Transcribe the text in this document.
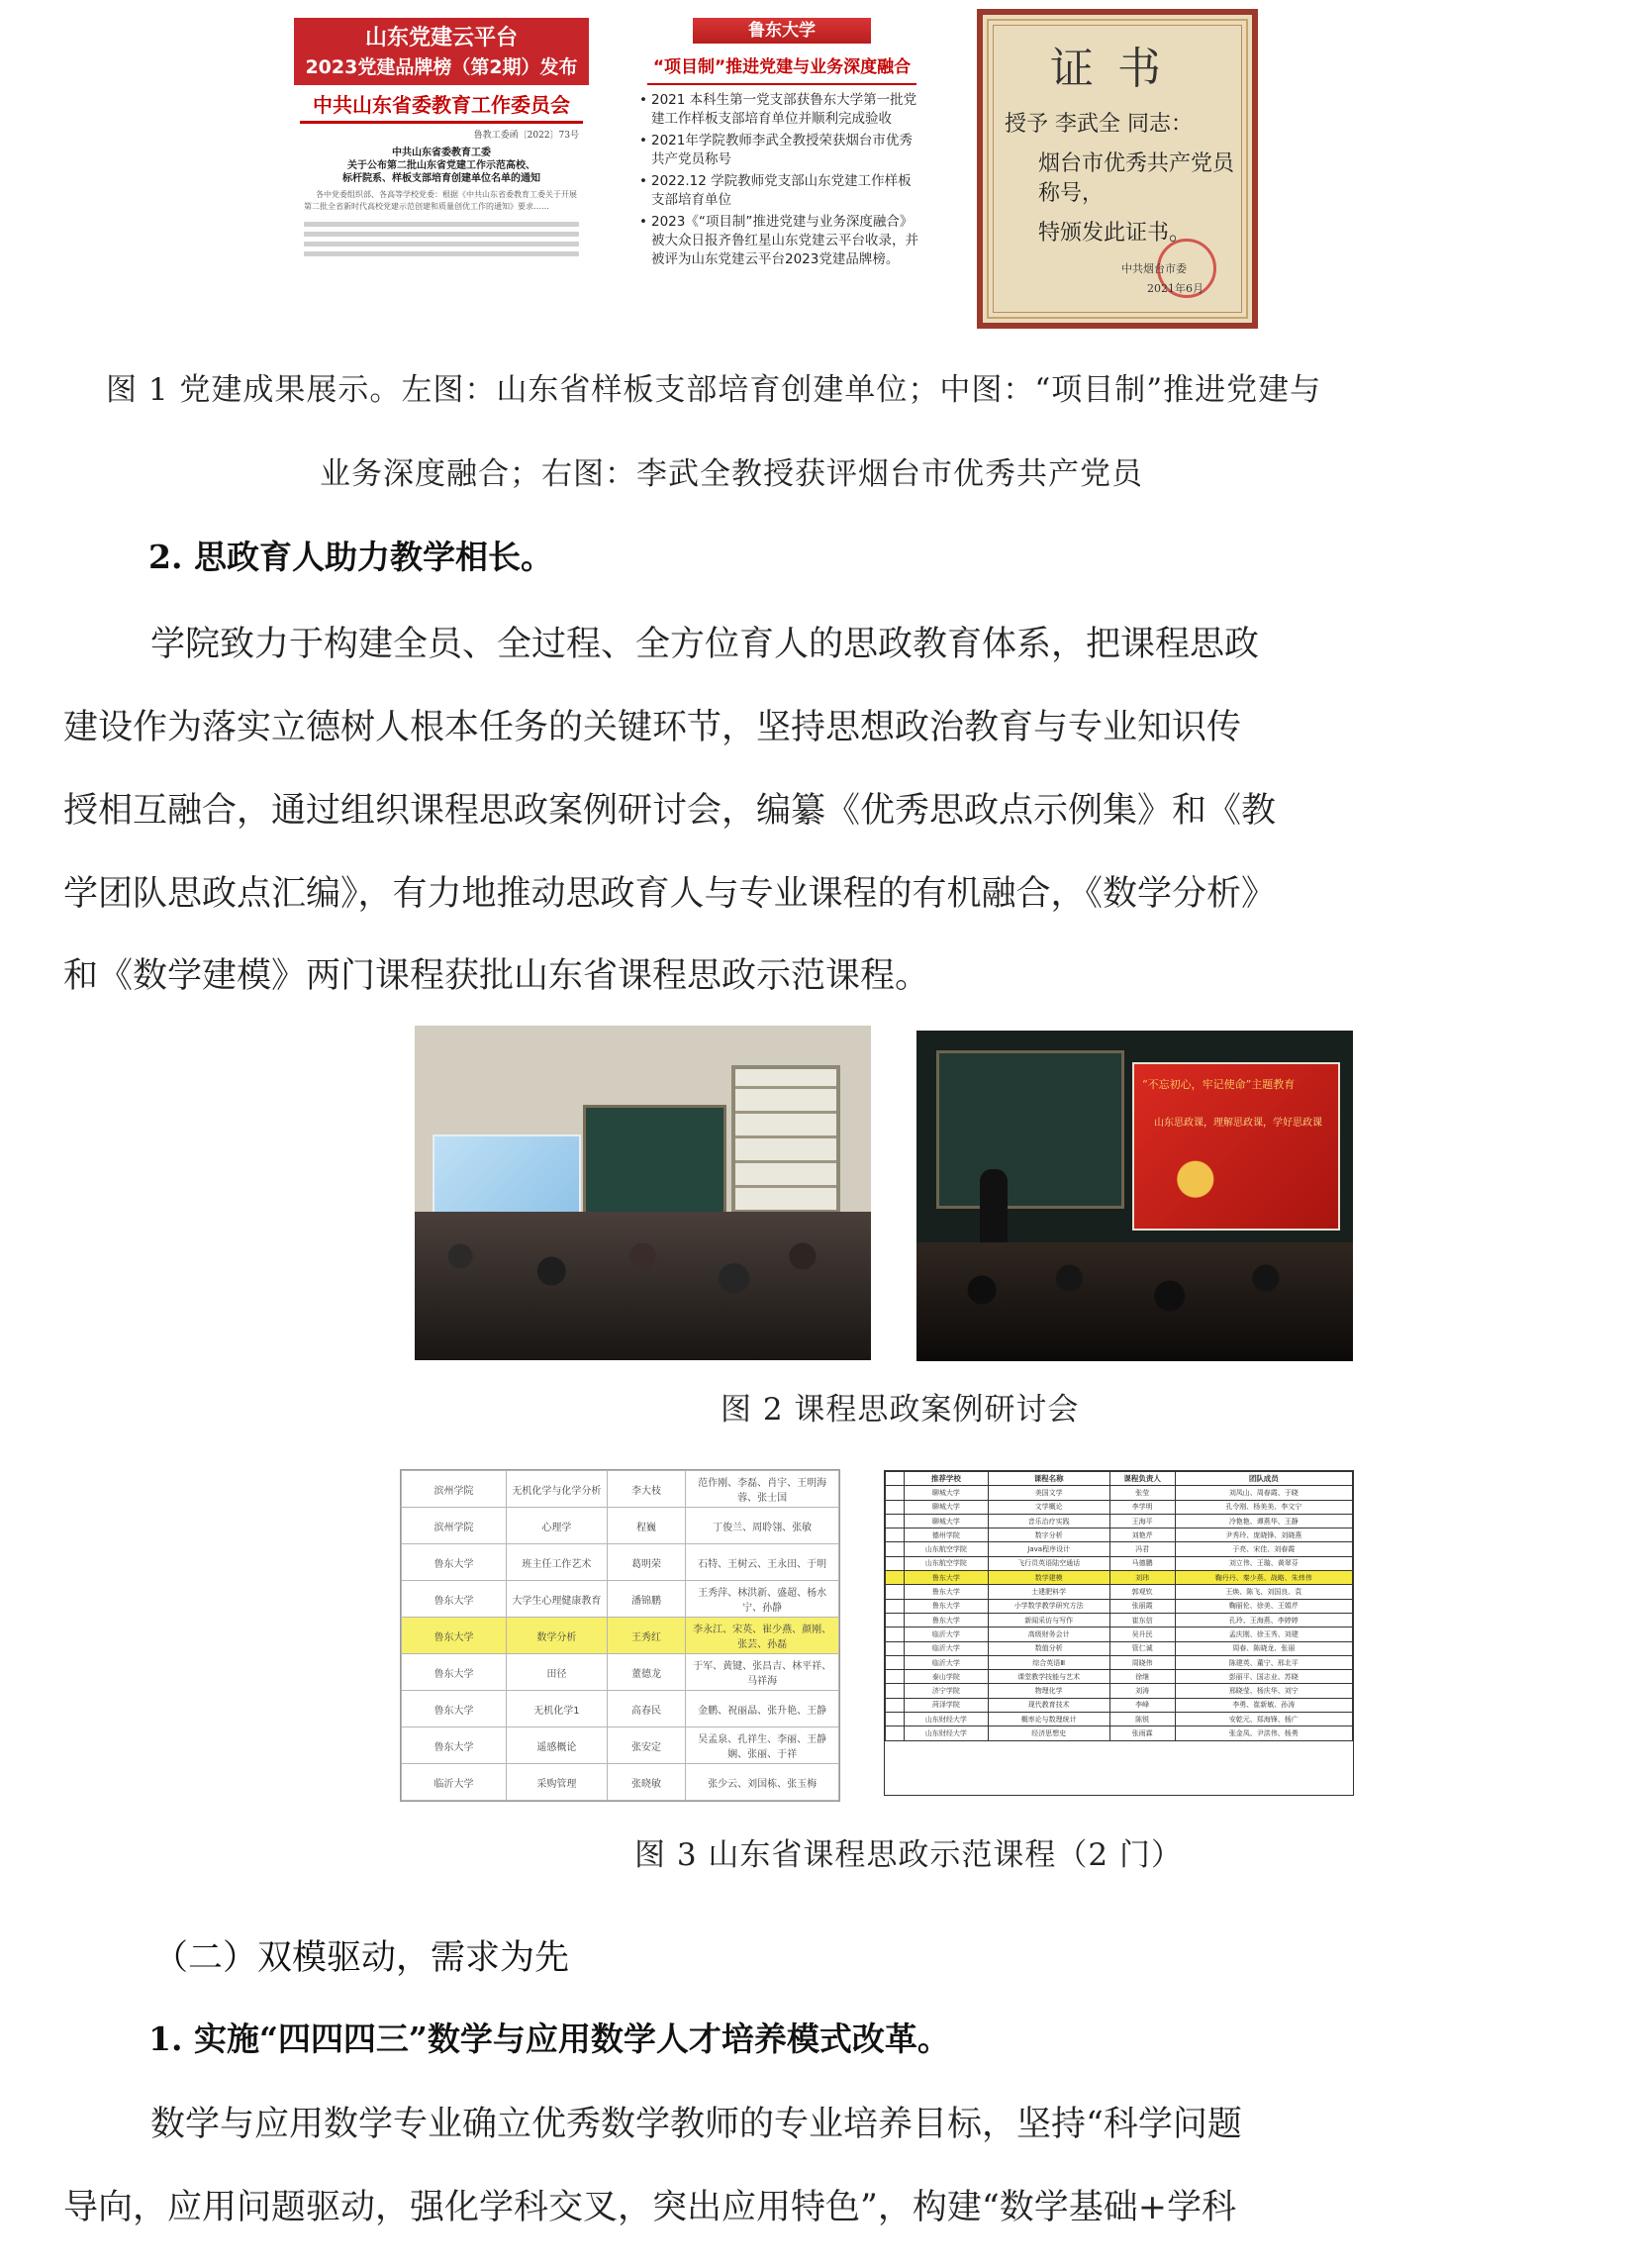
山东党建云平台
2023党建品牌榜（第2期）发布
中共山东省委教育工作委员会
鲁教工委函〔2022〕73号
中共山东省委教育工委
关于公布第二批山东省党建工作示范高校、
标杆院系、样板支部培育创建单位名单的通知
各中党委组织部、各高等学校党委：根据《中共山东省委教育工委关于开展第二批全省新时代高校党建示范创建和质量创优工作的通知》要求……
鲁东大学
“项目制”推进党建与业务深度融合
• 2021 本科生第一党支部获鲁东大学第一批党建工作样板支部培育单位并顺利完成验收
• 2021年学院教师李武全教授荣获烟台市优秀共产党员称号
• 2022.12 学院教师党支部山东党建工作样板支部培育单位
• 2023《“项目制”推进党建与业务深度融合》被大众日报齐鲁红星山东党建云平台收录，并被评为山东党建云平台2023党建品牌榜。
证书
授予 李武全 同志：
烟台市优秀共产党员称号，
特颁发此证书。
中共烟台市委
2021年6月
图 1 党建成果展示。左图：山东省样板支部培育创建单位；中图：“项目制”推进党建与
业务深度融合；右图：李武全教授获评烟台市优秀共产党员
2. 思政育人助力教学相长。
学院致力于构建全员、全过程、全方位育人的思政教育体系，把课程思政
建设作为落实立德树人根本任务的关键环节，坚持思想政治教育与专业知识传
授相互融合，通过组织课程思政案例研讨会，编纂《优秀思政点示例集》和《教
学团队思政点汇编》，有力地推动思政育人与专业课程的有机融合，《数学分析》
和《数学建模》两门课程获批山东省课程思政示范课程。
“不忘初心，牢记使命”主题教育
山东思政课，理解思政课，学好思政课
图 2 课程思政案例研讨会
滨州学院	无机化学与化学分析	李大枝	范作刚、李磊、肖宇、王明海蓉、张士国
滨州学院	心理学	程巍	丁俊兰、周聆翎、张敏
鲁东大学	班主任工作艺术	葛明荣	石特、王树云、王永田、于明
鲁东大学	大学生心理健康教育	潘锦鹏	王秀萍、林洪新、盛超、杨水宁、孙静
鲁东大学	数学分析	王秀红	李永江、宋英、崔少燕、颜刚、张芸、孙磊
鲁东大学	田径	董德龙	于军、黄键、张昌吉、林平祥、马祥海
鲁东大学	无机化学1	高春民	金鹏、祝丽晶、张升艳、王静
鲁东大学	遥感概论	张安定	吴孟泉、孔祥生、李丽、王静娴、张丽、于祥
临沂大学	采购管理	张晓敏	张少云、刘国栋、张玉梅
	推荐学校	课程名称	课程负责人	团队成员
	聊城大学	美国文学	张莹	刘凤山、周春霞、于晓
	聊城大学	文学概论	李学明	孔令刚、杨美美、李文宁
	聊城大学	音乐治疗实践	王海平	冷艳艳、谭燕华、王静
	德州学院	数字分析	刘艳芹	尹秀玲、庞晓锋、刘晓燕
	山东航空学院	Java程序设计	冯君	于亮、宋佳、刘春霞
	山东航空学院	飞行员英语陆空通话	马德鹏	刘立伟、王璇、黄翠芬
	鲁东大学	数学建模	刘玮	鞠丹丹、秦少燕、战略、朱炜伟
	鲁东大学	土建肥料学	郭观钦	王焕、陈飞、刘国良、袁
	鲁东大学	小学数学教学研究方法	张丽霞	鞠丽伦、徐美、王娟芹
	鲁东大学	新闻采访与写作	崔东信	孔玲、王海燕、李婷婷
	临沂大学	高级财务会计	吴升民	孟庆刚、徐玉秀、刘建
	临沂大学	数值分析	管仁诚	周春、陈晓龙、张丽
	临沂大学	综合英语Ⅲ	周晓伟	陈建英、董宁、邢北平
	泰山学院	课堂教学技能与艺术	徐继	彭丽平、国志业、苏晓
	济宁学院	物理化学	刘涛	邢晓莹、杨庆华、刘宁
	菏泽学院	现代教育技术	李峰	李勇、崔新敏、孙涛
	山东财经大学	概率论与数理统计	陈锐	安乾元、郑海锋、杨广
	山东财经大学	经济思想史	张雨霖	张金凤、尹洪伟、杨勇
图 3 山东省课程思政示范课程（2 门）
（二）双模驱动，需求为先
1. 实施“四四四三”数学与应用数学人才培养模式改革。
数学与应用数学专业确立优秀数学教师的专业培养目标，坚持“科学问题
导向，应用问题驱动，强化学科交叉，突出应用特色”，构建“数学基础+学科
